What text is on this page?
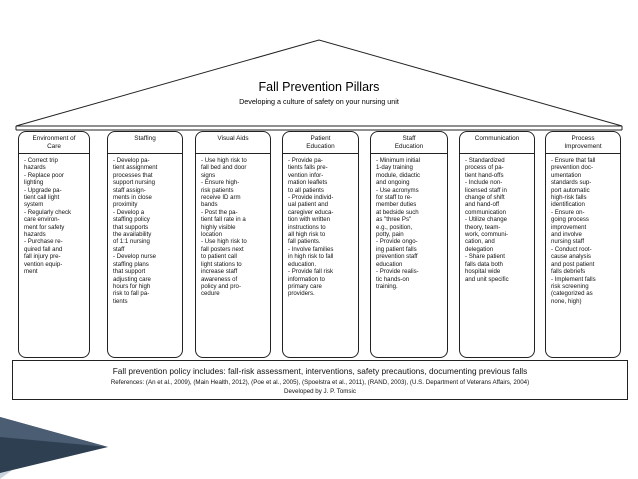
Fall Prevention Pillars
Developing a culture of safety on your nursing unit
Environment of
Care
- Correct trip
hazards
- Replace poor
lighting
- Upgrade pa-
tient call light
system
- Regularly check
care environ-
ment for safety
hazards
- Purchase re-
quired fall and
fall injury pre-
vention equip-
ment
Staffing
- Develop pa-
tient assignment
processes that
support nursing
staff assign-
ments in close
proximity
- Develop a
staffing policy
that supports
the availability
of 1:1 nursing
staff
- Develop nurse
staffing plans
that support
adjusting care
hours for high
risk to fall pa-
tients
Visual Aids
- Use high risk to
fall bed and door
signs
- Ensure high-
risk patients
receive ID arm
bands
- Post the pa-
tient fall rate in a
highly visible
location
- Use high risk to
fall posters next
to patient call
light stations to
increase staff
awareness of
policy and pro-
cedure
Patient
Education
- Provide pa-
tients falls pre-
vention infor-
mation leaflets
to all patients
- Provide individ-
ual patient and
caregiver educa-
tion with written
instructions to
all high risk to
fall patients.
- Involve families
in high risk to fall
education.
- Provide fall risk
information to
primary care
providers.
Staff
Education
- Minimum initial
1-day training
module, didactic
and ongoing
- Use acronyms
for staff to re-
member duties
at bedside such
as "three Ps"
e.g., position,
potty, pain
- Provide ongo-
ing patient falls
prevention staff
education
- Provide realis-
tic hands-on
training.
Communication
- Standardized
process of pa-
tient hand-offs
- Include non-
licensed staff in
change of shift
and hand-off
communication
- Utilize change
theory, team-
work, communi-
cation, and
delegation
- Share patient
falls data both
hospital wide
and unit specific
Process
Improvement
- Ensure that fall
prevention doc-
umentation
standards sup-
port automatic
high-risk falls
identification
- Ensure on-
going process
improvement
and involve
nursing staff
- Conduct root-
cause analysis
and post patient
falls debriefs
- Implement falls
risk screening
(categorized as
none, high)
Fall prevention policy includes: fall-risk assessment, interventions, safety precautions, documenting previous falls
References: (An et al., 2009), (Main Health, 2012), (Poe et al., 2005), (Spoelstra et al., 2011), (RAND, 2003), (U.S. Department of Veterans Affairs, 2004)
Developed by J. P. Tomsic
